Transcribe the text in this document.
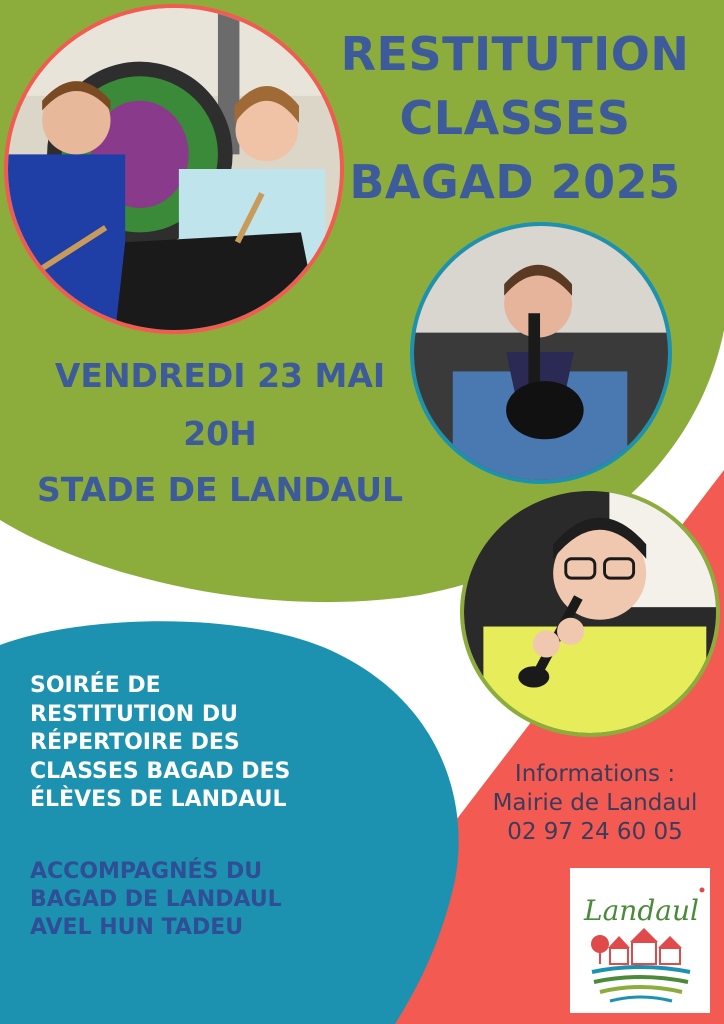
RESTITUTION
CLASSES
BAGAD 2025
VENDREDI 23 MAI
20H
STADE DE LANDAUL
SOIRÉE DE
RESTITUTION DU
RÉPERTOIRE DES
CLASSES BAGAD DES
ÉLÈVES DE LANDAUL
ACCOMPAGNÉS DU
BAGAD DE LANDAUL
AVEL HUN TADEU
Informations :
Mairie de Landaul
02 97 24 60 05
Landaul
